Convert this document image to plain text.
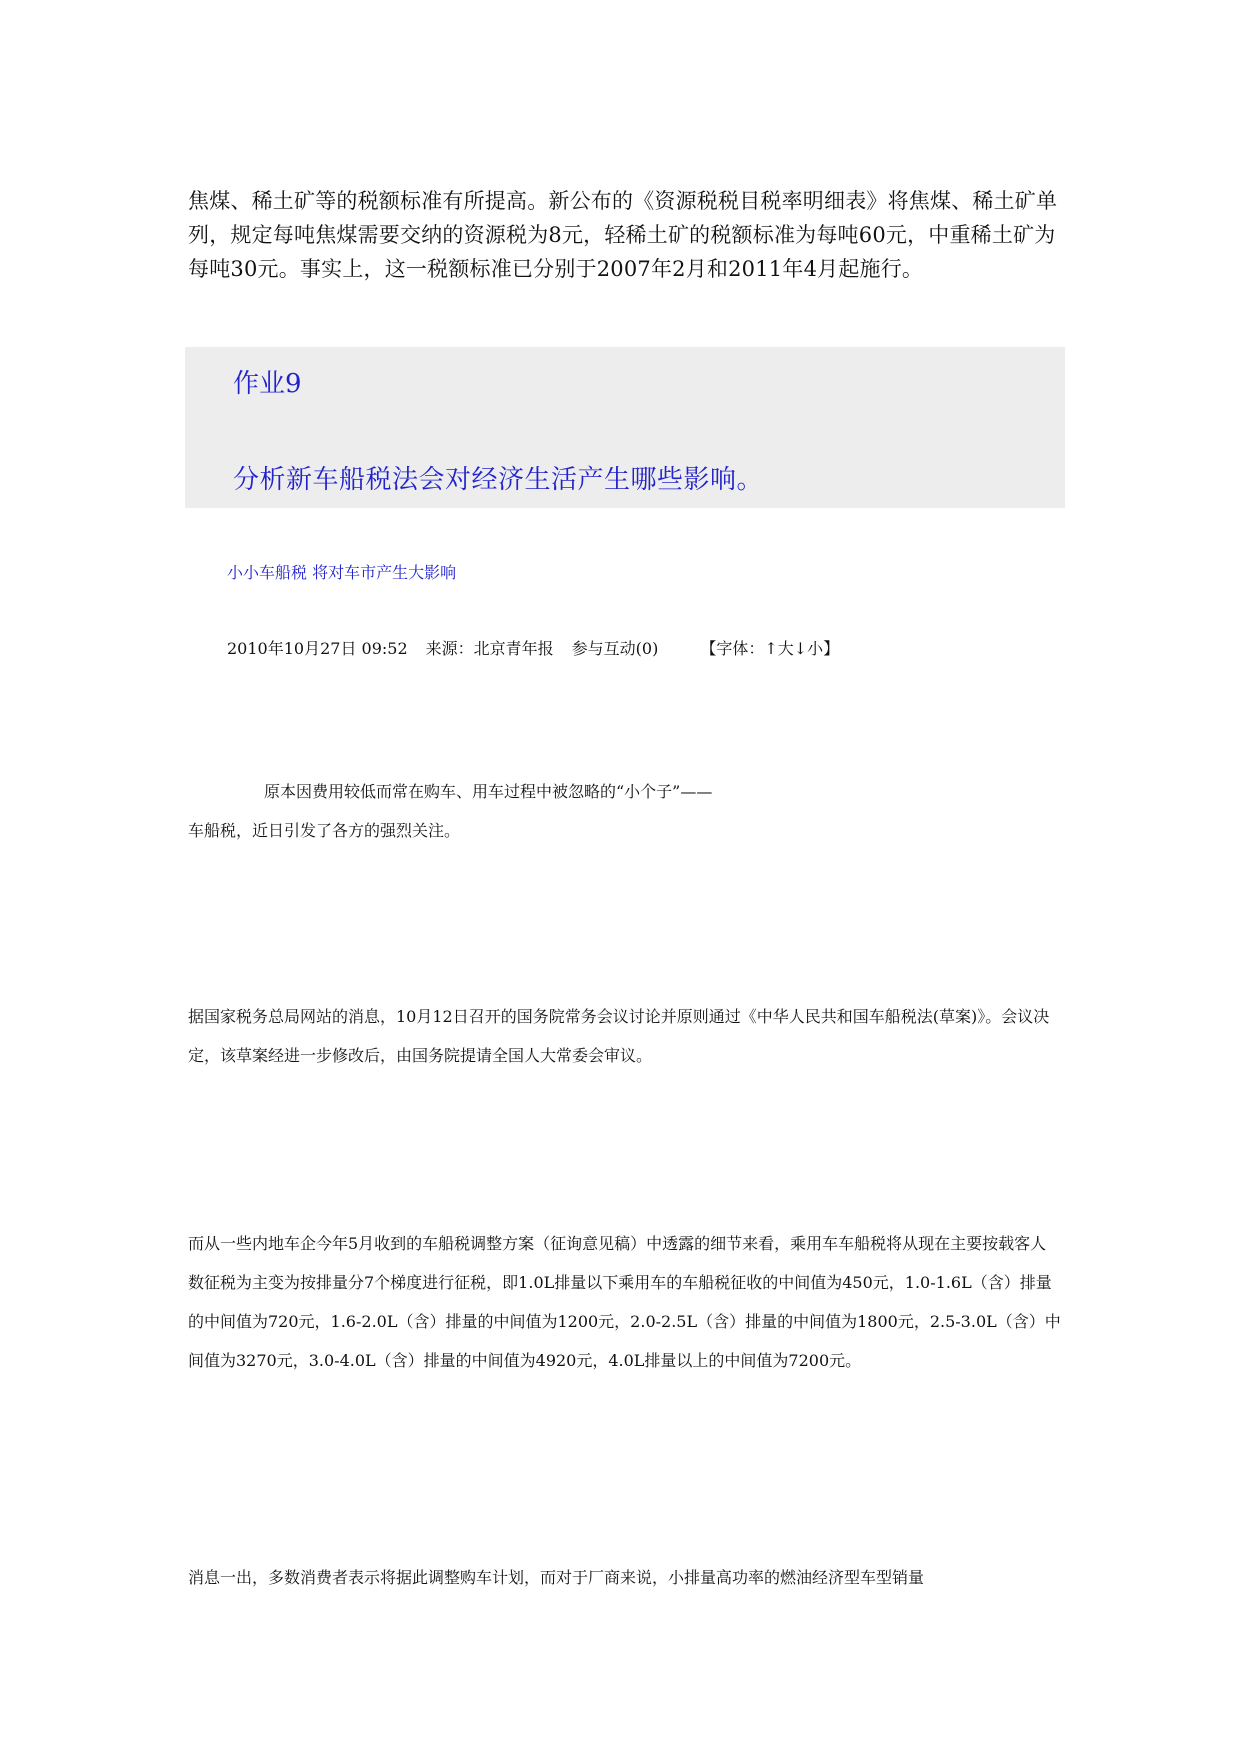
焦煤、稀土矿等的税额标准有所提高。新公布的《资源税税目税率明细表》将焦煤、稀土矿单列，规定每吨焦煤需要交纳的资源税为8元，轻稀土矿的税额标准为每吨60元，中重稀土矿为每吨30元。事实上，这一税额标准已分别于2007年2月和2011年4月起施行。
作业9
分析新车船税法会对经济生活产生哪些影响。
小小车船税 将对车市产生大影响
2010年10月27日 09:52 来源：北京青年报 参与互动(0)	【字体：↑大↓小】
原本因费用较低而常在购车、用车过程中被忽略的“小个子”——
车船税，近日引发了各方的强烈关注。
据国家税务总局网站的消息，10月12日召开的国务院常务会议讨论并原则通过《中华人民共和国车船税法(草案)》。会议决定，该草案经进一步修改后，由国务院提请全国人大常委会审议。
而从一些内地车企今年5月收到的车船税调整方案（征询意见稿）中透露的细节来看，乘用车车船税将从现在主要按载客人数征税为主变为按排量分7个梯度进行征税，即1.0L排量以下乘用车的车船税征收的中间值为450元，1.0-1.6L（含）排量的中间值为720元，1.6-2.0L（含）排量的中间值为1200元，2.0-2.5L（含）排量的中间值为1800元，2.5-3.0L（含）中间值为3270元，3.0-4.0L（含）排量的中间值为4920元，4.0L排量以上的中间值为7200元。
消息一出，多数消费者表示将据此调整购车计划，而对于厂商来说，小排量高功率的燃油经济型车型销量
